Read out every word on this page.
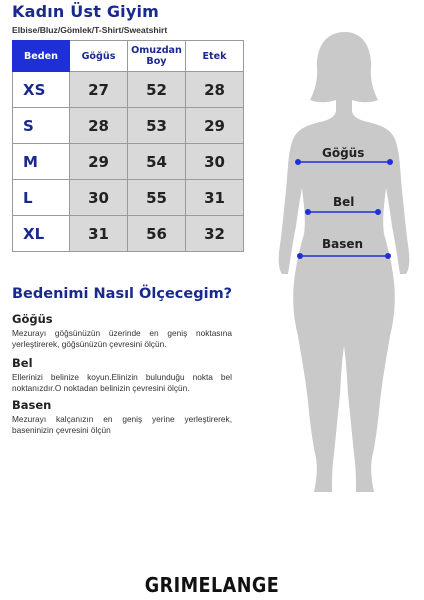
Kadın Üst Giyim
Elbise/Bluz/Gömlek/T-Shirt/Sweatshirt
Beden	Göğüs	Omuzdan Boy	Etek
XS	27	52	28
S	28	53	29
M	29	54	30
L	30	55	31
XL	31	56	32
Bedenimi Nasıl Ölçecegim?
Göğüs
Mezurayı göğsünüzün üzerinde en geniş noktasına yerleştirerek, göğsünüzün çevresini ölçün.
Bel
Ellerinizi belinize koyun.Elinizin bulunduğu nokta bel noktanızdır.O noktadan belinizin çevresini ölçün.
Basen
Mezurayı kalçanızın en geniş yerine yerleştirerek, baseninizin çevresini ölçün
Göğüs
Bel
Basen
GRIMELANGE
